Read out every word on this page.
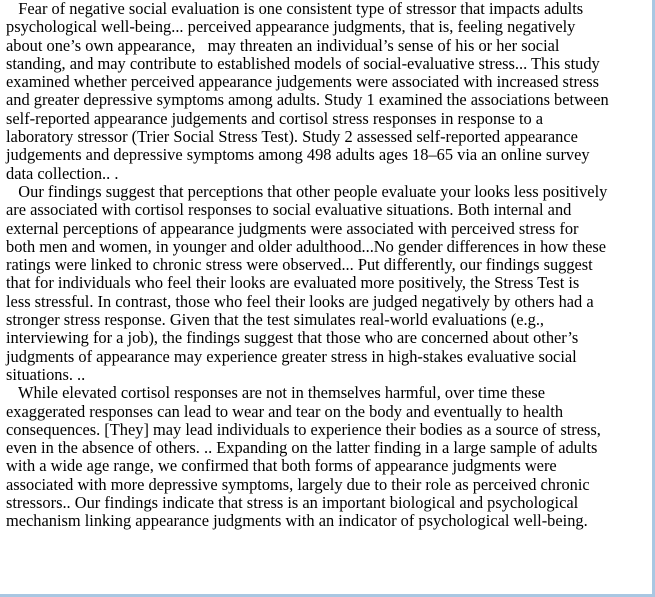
Fear of negative social evaluation is one consistent type of stressor that impacts adults
psychological well-being... perceived appearance judgments, that is, feeling negatively
about one’s own appearance,   may threaten an individual’s sense of his or her social
standing, and may contribute to established models of social-evaluative stress... This study
examined whether perceived appearance judgements were associated with increased stress
and greater depressive symptoms among adults. Study 1 examined the associations between
self-reported appearance judgements and cortisol stress responses in response to a
laboratory stressor (Trier Social Stress Test). Study 2 assessed self-reported appearance
judgements and depressive symptoms among 498 adults ages 18–65 via an online survey
data collection.. .
Our findings suggest that perceptions that other people evaluate your looks less positively
are associated with cortisol responses to social evaluative situations. Both internal and
external perceptions of appearance judgments were associated with perceived stress for
both men and women, in younger and older adulthood...No gender differences in how these
ratings were linked to chronic stress were observed... Put differently, our findings suggest
that for individuals who feel their looks are evaluated more positively, the Stress Test is
less stressful. In contrast, those who feel their looks are judged negatively by others had a
stronger stress response. Given that the test simulates real-world evaluations (e.g.,
interviewing for a job), the findings suggest that those who are concerned about other’s
judgments of appearance may experience greater stress in high-stakes evaluative social
situations. ..
While elevated cortisol responses are not in themselves harmful, over time these
exaggerated responses can lead to wear and tear on the body and eventually to health
consequences. [They] may lead individuals to experience their bodies as a source of stress,
even in the absence of others. .. Expanding on the latter finding in a large sample of adults
with a wide age range, we confirmed that both forms of appearance judgments were
associated with more depressive symptoms, largely due to their role as perceived chronic
stressors.. Our findings indicate that stress is an important biological and psychological
mechanism linking appearance judgments with an indicator of psychological well-being.
